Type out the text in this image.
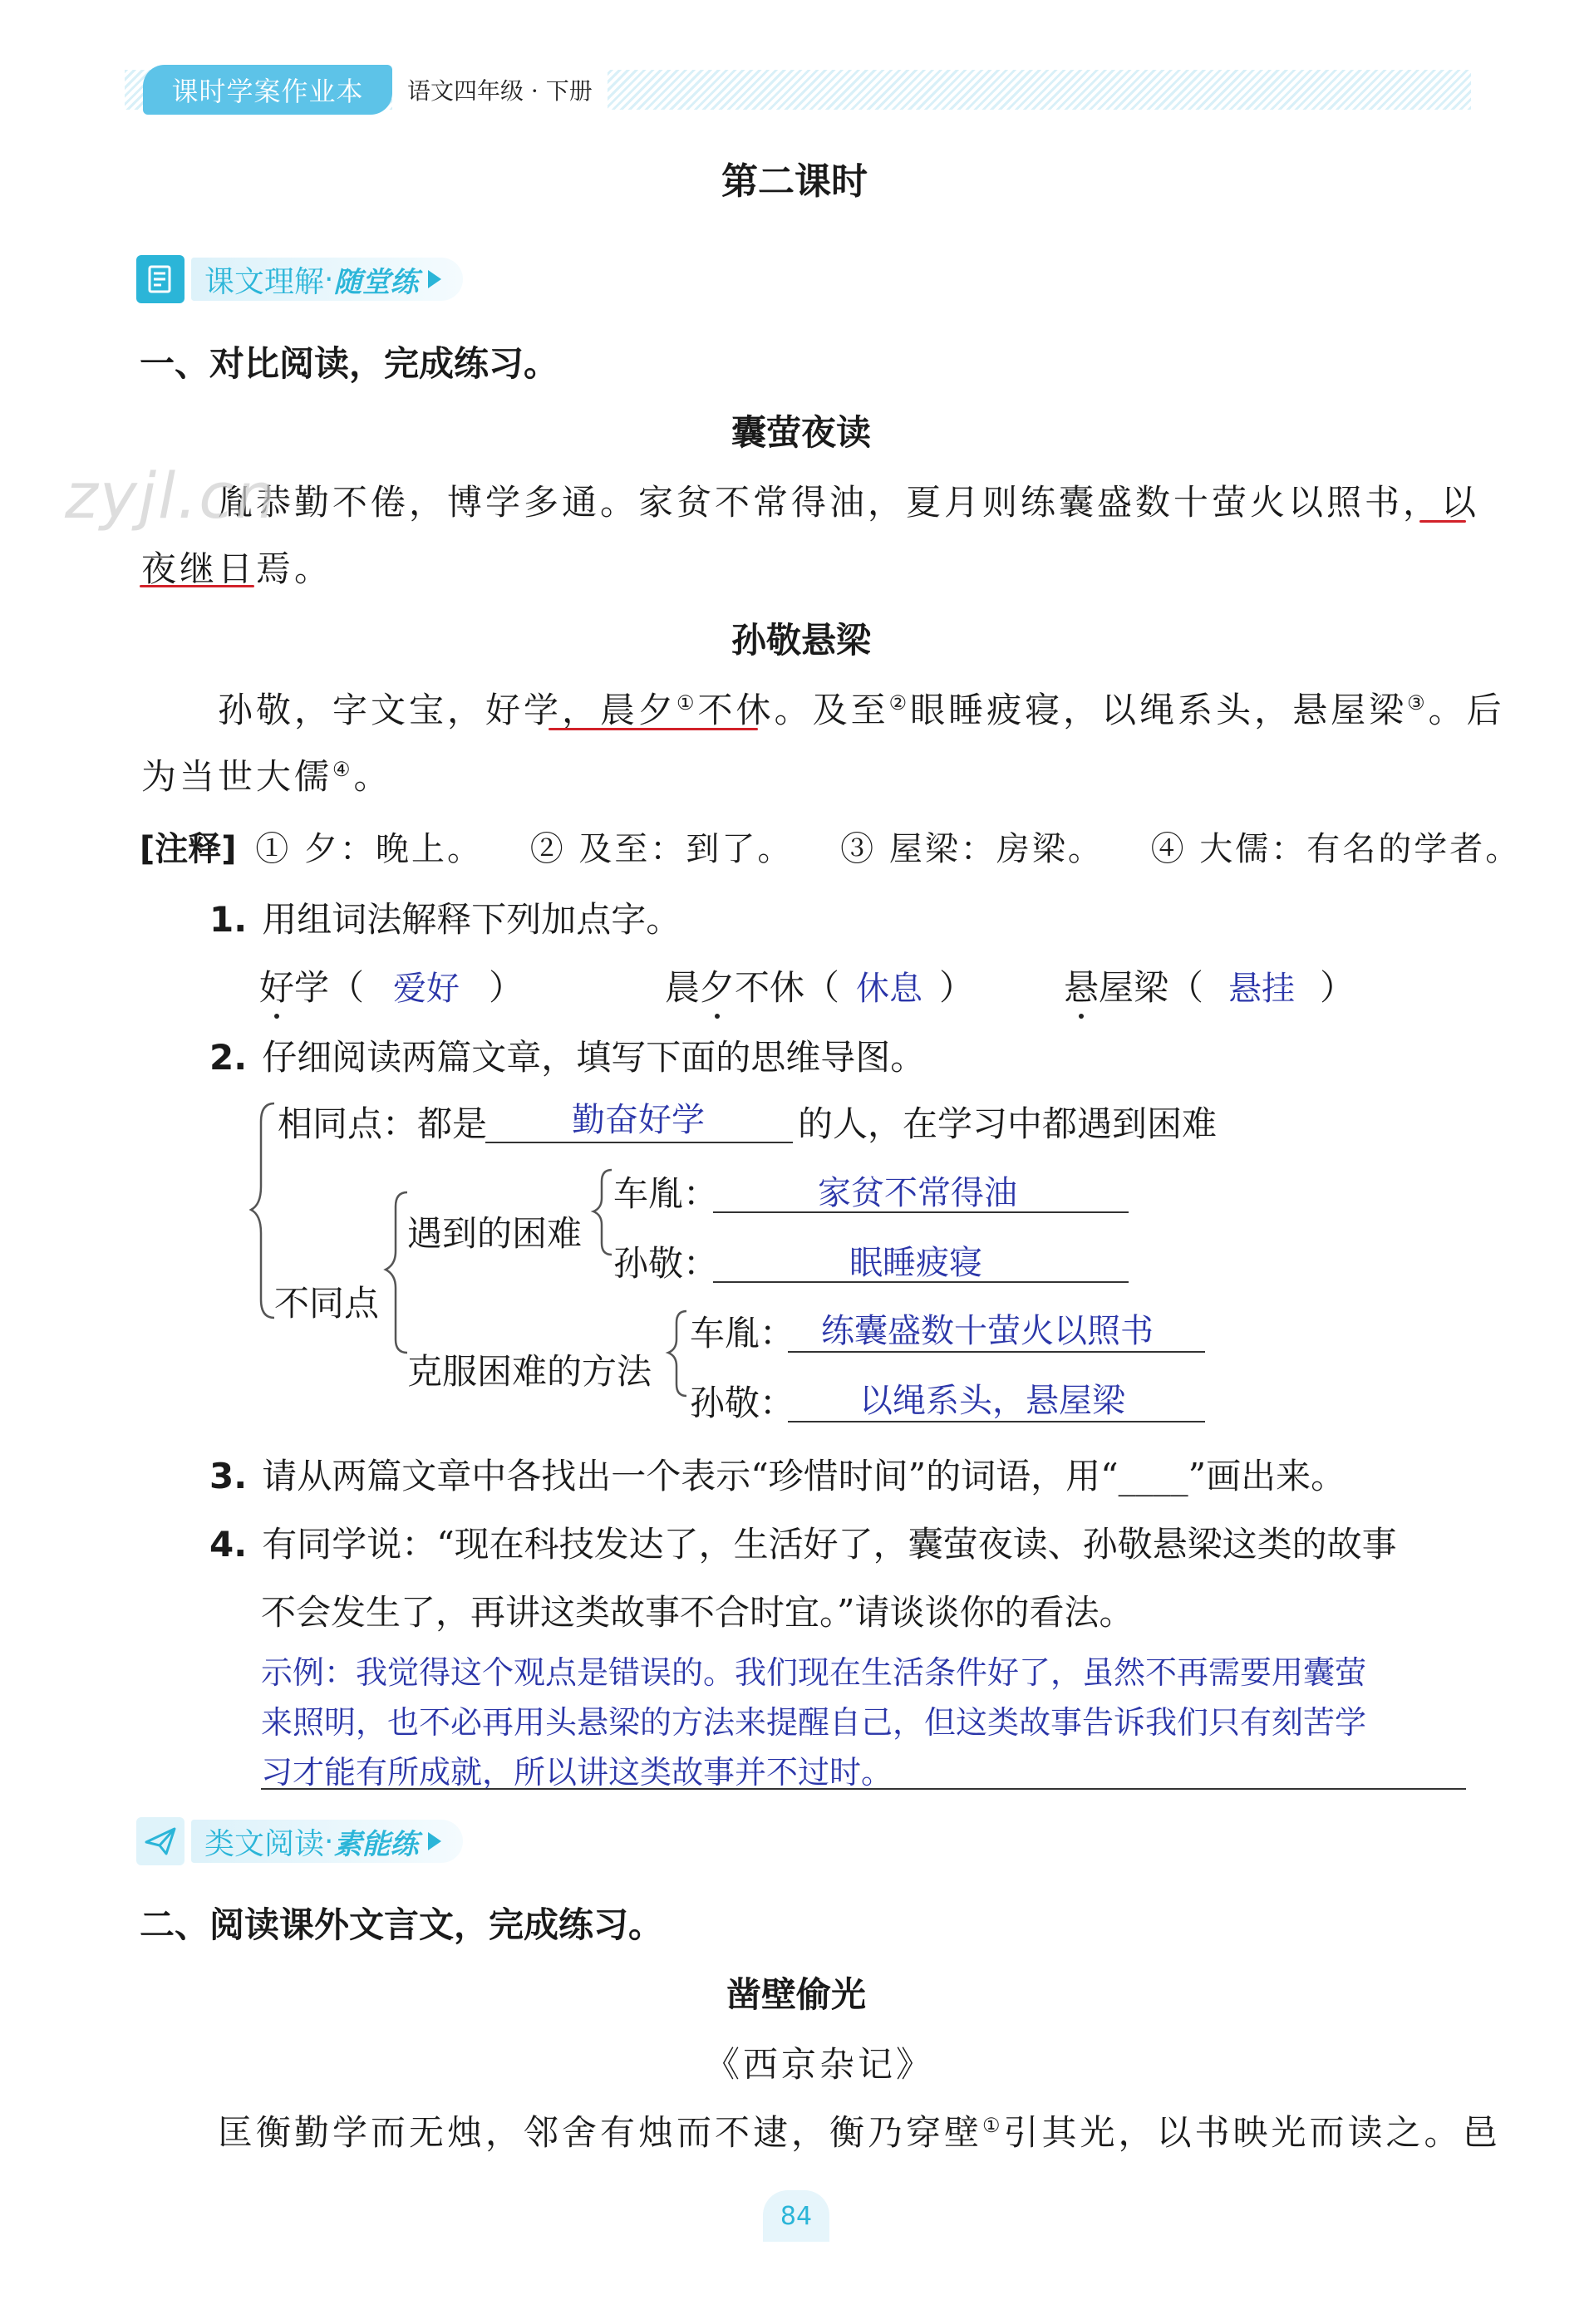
课时学案作业本 语文四年级 · 下册
第二课时
课文理解 · 随堂练
一、对比阅读，完成练习。
囊萤夜读
胤恭勤不倦，博学多通。家贫不常得油，夏月则练囊盛数十萤火以照书，以
夜继日焉。
zyjl.cn
孙敬悬梁
孙敬，字文宝，好学，晨夕①不休。及至②眼睡疲寝，以绳系头，悬屋梁③。后
为当世大儒④。
[注释] ① 夕：晚上。 ② 及至：到了。 ③ 屋梁：房梁。 ④ 大儒：有名的学者。
1. 用组词法解释下列加点字。
好学（ 爱好 ）	晨夕不休（ 休息 ）	悬屋梁（ 悬挂 ）
2. 仔细阅读两篇文章，填写下面的思维导图。
相同点：都是	勤奋好学	的人，在学习中都遇到困难
不同点
遇到的困难
克服困难的方法
车胤：	家贫不常得油
孙敬：	眠睡疲寝
车胤： 练囊盛数十萤火以照书
孙敬： 以绳系头，悬屋梁
3. 请从两篇文章中各找出一个表示“珍惜时间”的词语，用“____”画出来。
4. 有同学说：“现在科技发达了，生活好了，囊萤夜读、孙敬悬梁这类的故事
不会发生了，再讲这类故事不合时宜。”请谈谈你的看法。
示例：我觉得这个观点是错误的。我们现在生活条件好了，虽然不再需要用囊萤
来照明，也不必再用头悬梁的方法来提醒自己，但这类故事告诉我们只有刻苦学
习才能有所成就，所以讲这类故事并不过时。
类文阅读 · 素能练
二、阅读课外文言文，完成练习。
凿壁偷光
《西京杂记》
匡衡勤学而无烛，邻舍有烛而不逮，衡乃穿壁①引其光，以书映光而读之。邑
84
